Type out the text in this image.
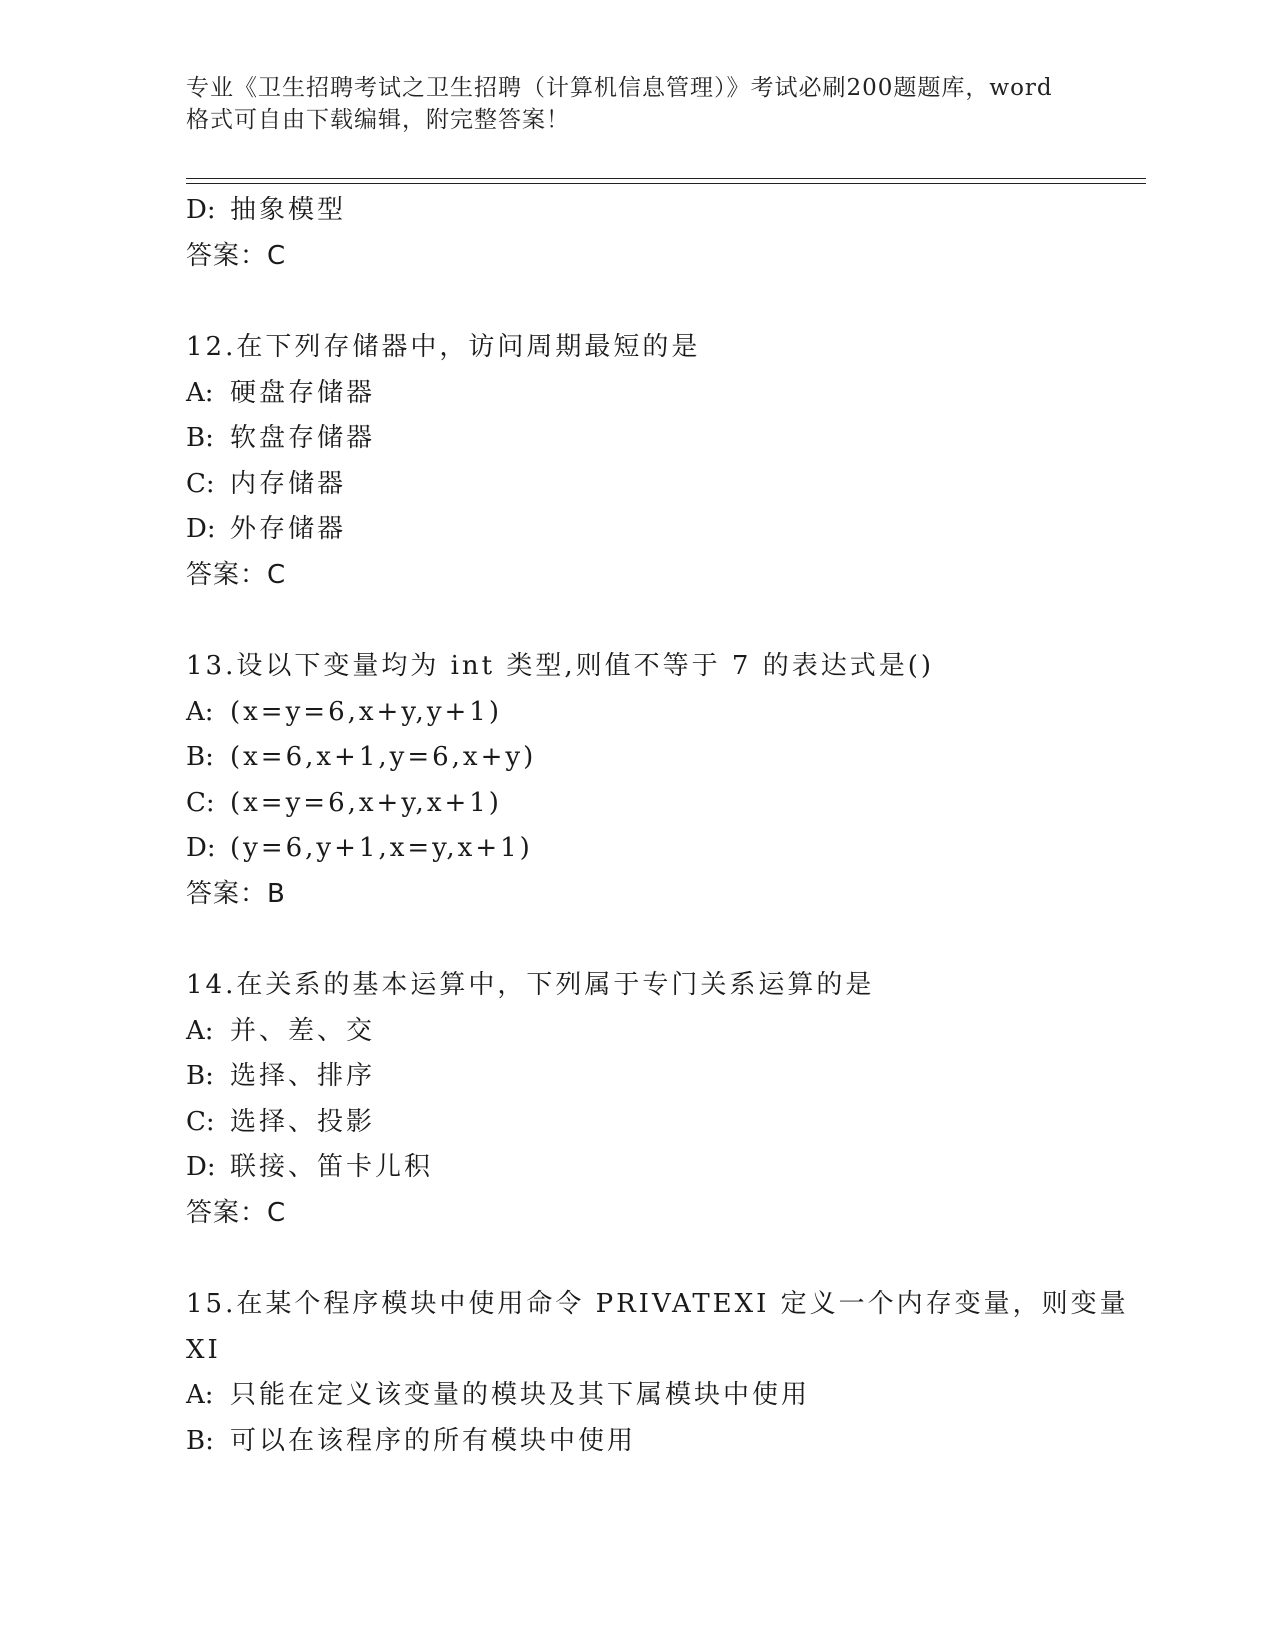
专业《卫生招聘考试之卫生招聘（计算机信息管理）》考试必刷200题题库，word
格式可自由下载编辑，附完整答案！
D: 抽象模型
答案：C
12.在下列存储器中，访问周期最短的是
A: 硬盘存储器
B: 软盘存储器
C: 内存储器
D: 外存储器
答案：C
13.设以下变量均为 int 类型,则值不等于 7 的表达式是()
A: (x=y=6,x+y,y+1)
B: (x=6,x+1,y=6,x+y)
C: (x=y=6,x+y,x+1)
D: (y=6,y+1,x=y,x+1)
答案：B
14.在关系的基本运算中，下列属于专门关系运算的是
A: 并、差、交
B: 选择、排序
C: 选择、投影
D: 联接、笛卡儿积
答案：C
15.在某个程序模块中使用命令 PRIVATEXI 定义一个内存变量，则变量
XI
A: 只能在定义该变量的模块及其下属模块中使用
B: 可以在该程序的所有模块中使用
